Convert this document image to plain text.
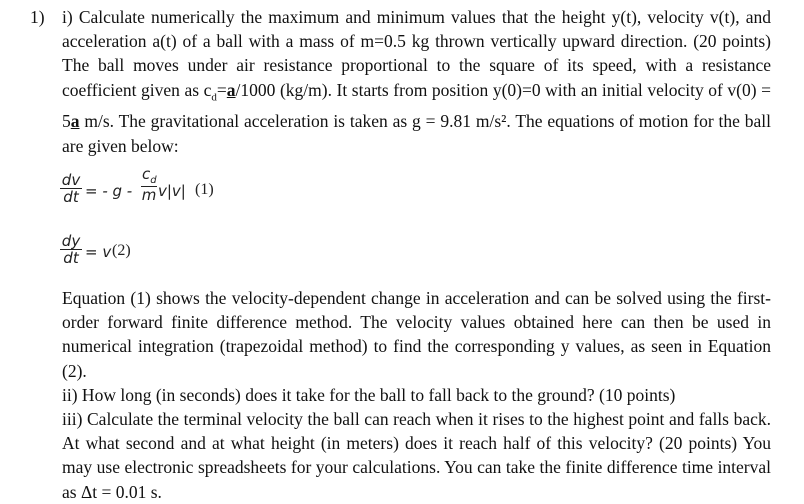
1) i) Calculate numerically the maximum and minimum values that the height y(t), velocity v(t), and acceleration a(t) of a ball with a mass of m=0.5 kg thrown vertically upward direction. (20 points) The ball moves under air resistance proportional to the square of its speed, with a resistance coefficient given as $c_d=a/1000$ (kg/m). It starts from position y(0)=0 with an initial velocity of v(0) = 5a m/s. The gravitational acceleration is taken as g = 9.81 m/s². The equations of motion for the ball are given below:

$\frac{dv}{dt}$ = - g - $\frac{c_d}{m} v|v|$ (1)
$\frac{dy}{dt} = v$ (2)

Equation (1) shows the velocity-dependent change in acceleration and can be solved using the first-order forward finite difference method. The velocity values obtained here can then be used in numerical integration (trapezoidal method) to find the corresponding y values, as seen in Equation (2).
ii) How long (in seconds) does it take for the ball to fall back to the ground? (10 points)
iii) Calculate the terminal velocity the ball can reach when it rises to the highest point and falls back. At what second and at what height (in meters) does it reach half of this velocity? (20 points) You may use electronic spreadsheets for your calculations. You can take the finite difference time interval as Δt = 0.01 s.
